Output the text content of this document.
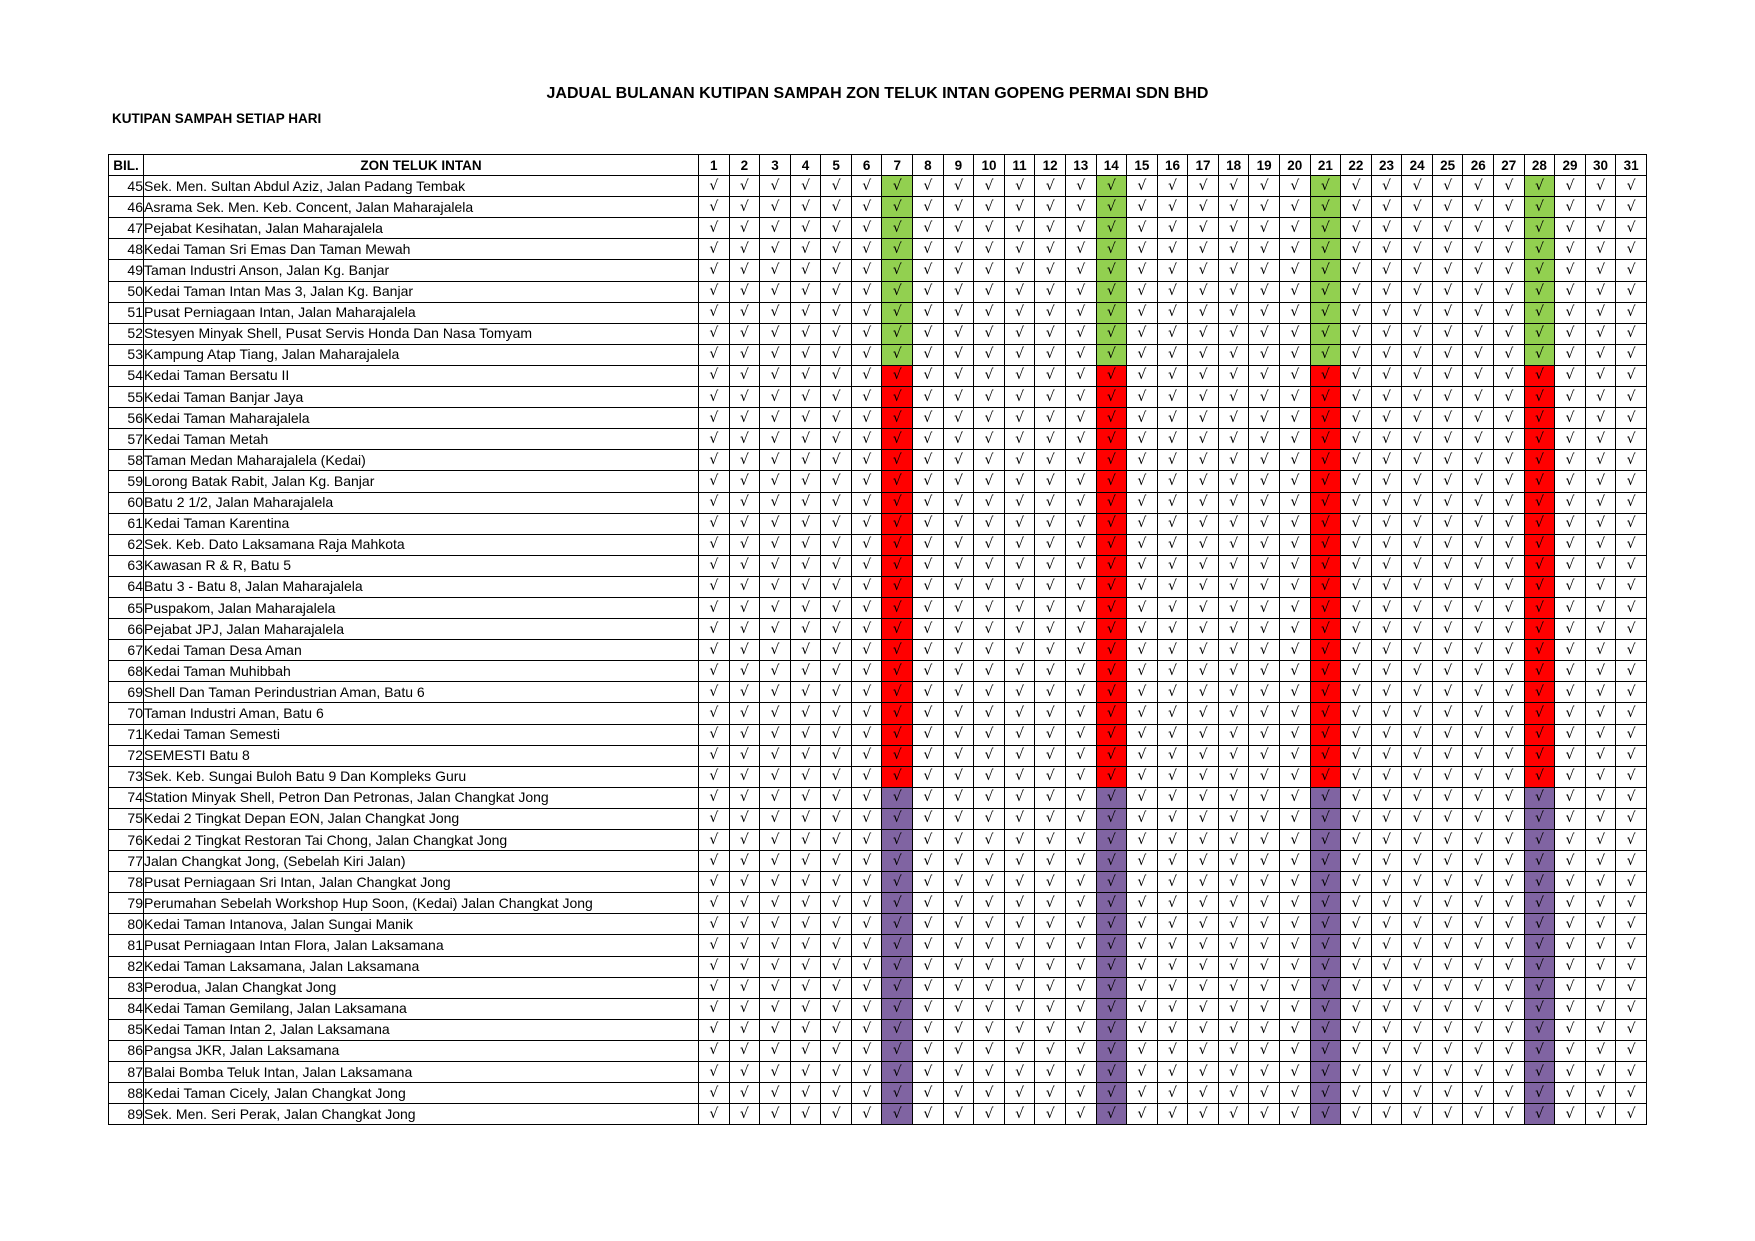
JADUAL BULANAN KUTIPAN SAMPAH ZON TELUK INTAN GOPENG PERMAI SDN BHD

KUTIPAN SAMPAH SETIAP HARI

BIL.	ZON TELUK INTAN	1	2	3	4	5	6	7	8	9	10	11	12	13	14	15	16	17	18	19	20	21	22	23	24	25	26	27	28	29	30	31
45	Sek. Men. Sultan Abdul Aziz, Jalan Padang Tembak	√	√	√	√	√	√	√	√	√	√	√	√	√	√	√	√	√	√	√	√	√	√	√	√	√	√	√	√	√	√	√
46	Asrama Sek. Men. Keb. Concent, Jalan Maharajalela	√	√	√	√	√	√	√	√	√	√	√	√	√	√	√	√	√	√	√	√	√	√	√	√	√	√	√	√	√	√	√
47	Pejabat Kesihatan, Jalan Maharajalela	√	√	√	√	√	√	√	√	√	√	√	√	√	√	√	√	√	√	√	√	√	√	√	√	√	√	√	√	√	√	√
48	Kedai Taman Sri Emas Dan Taman Mewah	√	√	√	√	√	√	√	√	√	√	√	√	√	√	√	√	√	√	√	√	√	√	√	√	√	√	√	√	√	√	√
49	Taman Industri Anson, Jalan Kg. Banjar	√	√	√	√	√	√	√	√	√	√	√	√	√	√	√	√	√	√	√	√	√	√	√	√	√	√	√	√	√	√	√
50	Kedai Taman Intan Mas 3, Jalan Kg. Banjar	√	√	√	√	√	√	√	√	√	√	√	√	√	√	√	√	√	√	√	√	√	√	√	√	√	√	√	√	√	√	√
51	Pusat Perniagaan Intan, Jalan Maharajalela	√	√	√	√	√	√	√	√	√	√	√	√	√	√	√	√	√	√	√	√	√	√	√	√	√	√	√	√	√	√	√
52	Stesyen Minyak Shell, Pusat Servis Honda Dan Nasa Tomyam	√	√	√	√	√	√	√	√	√	√	√	√	√	√	√	√	√	√	√	√	√	√	√	√	√	√	√	√	√	√	√
53	Kampung Atap Tiang, Jalan Maharajalela	√	√	√	√	√	√	√	√	√	√	√	√	√	√	√	√	√	√	√	√	√	√	√	√	√	√	√	√	√	√	√
54	Kedai Taman Bersatu II	√	√	√	√	√	√	√	√	√	√	√	√	√	√	√	√	√	√	√	√	√	√	√	√	√	√	√	√	√	√	√
55	Kedai Taman Banjar Jaya	√	√	√	√	√	√	√	√	√	√	√	√	√	√	√	√	√	√	√	√	√	√	√	√	√	√	√	√	√	√	√
56	Kedai Taman Maharajalela	√	√	√	√	√	√	√	√	√	√	√	√	√	√	√	√	√	√	√	√	√	√	√	√	√	√	√	√	√	√	√
57	Kedai Taman Metah	√	√	√	√	√	√	√	√	√	√	√	√	√	√	√	√	√	√	√	√	√	√	√	√	√	√	√	√	√	√	√
58	Taman Medan Maharajalela (Kedai)	√	√	√	√	√	√	√	√	√	√	√	√	√	√	√	√	√	√	√	√	√	√	√	√	√	√	√	√	√	√	√
59	Lorong Batak Rabit, Jalan Kg. Banjar	√	√	√	√	√	√	√	√	√	√	√	√	√	√	√	√	√	√	√	√	√	√	√	√	√	√	√	√	√	√	√
60	Batu 2 1/2, Jalan Maharajalela	√	√	√	√	√	√	√	√	√	√	√	√	√	√	√	√	√	√	√	√	√	√	√	√	√	√	√	√	√	√	√
61	Kedai Taman Karentina	√	√	√	√	√	√	√	√	√	√	√	√	√	√	√	√	√	√	√	√	√	√	√	√	√	√	√	√	√	√	√
62	Sek. Keb. Dato Laksamana Raja Mahkota	√	√	√	√	√	√	√	√	√	√	√	√	√	√	√	√	√	√	√	√	√	√	√	√	√	√	√	√	√	√	√
63	Kawasan R & R, Batu 5	√	√	√	√	√	√	√	√	√	√	√	√	√	√	√	√	√	√	√	√	√	√	√	√	√	√	√	√	√	√	√
64	Batu 3 - Batu 8, Jalan Maharajalela	√	√	√	√	√	√	√	√	√	√	√	√	√	√	√	√	√	√	√	√	√	√	√	√	√	√	√	√	√	√	√
65	Puspakom, Jalan Maharajalela	√	√	√	√	√	√	√	√	√	√	√	√	√	√	√	√	√	√	√	√	√	√	√	√	√	√	√	√	√	√	√
66	Pejabat JPJ, Jalan Maharajalela	√	√	√	√	√	√	√	√	√	√	√	√	√	√	√	√	√	√	√	√	√	√	√	√	√	√	√	√	√	√	√
67	Kedai Taman Desa Aman	√	√	√	√	√	√	√	√	√	√	√	√	√	√	√	√	√	√	√	√	√	√	√	√	√	√	√	√	√	√	√
68	Kedai Taman Muhibbah	√	√	√	√	√	√	√	√	√	√	√	√	√	√	√	√	√	√	√	√	√	√	√	√	√	√	√	√	√	√	√
69	Shell Dan Taman Perindustrian Aman, Batu 6	√	√	√	√	√	√	√	√	√	√	√	√	√	√	√	√	√	√	√	√	√	√	√	√	√	√	√	√	√	√	√
70	Taman Industri Aman, Batu 6	√	√	√	√	√	√	√	√	√	√	√	√	√	√	√	√	√	√	√	√	√	√	√	√	√	√	√	√	√	√	√
71	Kedai Taman Semesti	√	√	√	√	√	√	√	√	√	√	√	√	√	√	√	√	√	√	√	√	√	√	√	√	√	√	√	√	√	√	√
72	SEMESTI Batu 8	√	√	√	√	√	√	√	√	√	√	√	√	√	√	√	√	√	√	√	√	√	√	√	√	√	√	√	√	√	√	√
73	Sek. Keb. Sungai Buloh Batu 9 Dan Kompleks Guru	√	√	√	√	√	√	√	√	√	√	√	√	√	√	√	√	√	√	√	√	√	√	√	√	√	√	√	√	√	√	√
74	Station Minyak Shell, Petron Dan Petronas, Jalan Changkat Jong	√	√	√	√	√	√	√	√	√	√	√	√	√	√	√	√	√	√	√	√	√	√	√	√	√	√	√	√	√	√	√
75	Kedai 2 Tingkat Depan EON, Jalan Changkat Jong	√	√	√	√	√	√	√	√	√	√	√	√	√	√	√	√	√	√	√	√	√	√	√	√	√	√	√	√	√	√	√
76	Kedai 2 Tingkat Restoran Tai Chong, Jalan Changkat Jong	√	√	√	√	√	√	√	√	√	√	√	√	√	√	√	√	√	√	√	√	√	√	√	√	√	√	√	√	√	√	√
77	Jalan Changkat Jong, (Sebelah Kiri Jalan)	√	√	√	√	√	√	√	√	√	√	√	√	√	√	√	√	√	√	√	√	√	√	√	√	√	√	√	√	√	√	√
78	Pusat Perniagaan Sri Intan, Jalan Changkat Jong	√	√	√	√	√	√	√	√	√	√	√	√	√	√	√	√	√	√	√	√	√	√	√	√	√	√	√	√	√	√	√
79	Perumahan Sebelah Workshop Hup Soon, (Kedai) Jalan Changkat Jong	√	√	√	√	√	√	√	√	√	√	√	√	√	√	√	√	√	√	√	√	√	√	√	√	√	√	√	√	√	√	√
80	Kedai Taman Intanova, Jalan Sungai Manik	√	√	√	√	√	√	√	√	√	√	√	√	√	√	√	√	√	√	√	√	√	√	√	√	√	√	√	√	√	√	√
81	Pusat Perniagaan Intan Flora, Jalan Laksamana	√	√	√	√	√	√	√	√	√	√	√	√	√	√	√	√	√	√	√	√	√	√	√	√	√	√	√	√	√	√	√
82	Kedai Taman Laksamana, Jalan Laksamana	√	√	√	√	√	√	√	√	√	√	√	√	√	√	√	√	√	√	√	√	√	√	√	√	√	√	√	√	√	√	√
83	Perodua, Jalan Changkat Jong	√	√	√	√	√	√	√	√	√	√	√	√	√	√	√	√	√	√	√	√	√	√	√	√	√	√	√	√	√	√	√
84	Kedai Taman Gemilang, Jalan Laksamana	√	√	√	√	√	√	√	√	√	√	√	√	√	√	√	√	√	√	√	√	√	√	√	√	√	√	√	√	√	√	√
85	Kedai Taman Intan 2, Jalan Laksamana	√	√	√	√	√	√	√	√	√	√	√	√	√	√	√	√	√	√	√	√	√	√	√	√	√	√	√	√	√	√	√
86	Pangsa JKR, Jalan Laksamana	√	√	√	√	√	√	√	√	√	√	√	√	√	√	√	√	√	√	√	√	√	√	√	√	√	√	√	√	√	√	√
87	Balai Bomba Teluk Intan, Jalan Laksamana	√	√	√	√	√	√	√	√	√	√	√	√	√	√	√	√	√	√	√	√	√	√	√	√	√	√	√	√	√	√	√
88	Kedai Taman Cicely, Jalan Changkat Jong	√	√	√	√	√	√	√	√	√	√	√	√	√	√	√	√	√	√	√	√	√	√	√	√	√	√	√	√	√	√	√
89	Sek. Men. Seri Perak, Jalan Changkat Jong	√	√	√	√	√	√	√	√	√	√	√	√	√	√	√	√	√	√	√	√	√	√	√	√	√	√	√	√	√	√	√
